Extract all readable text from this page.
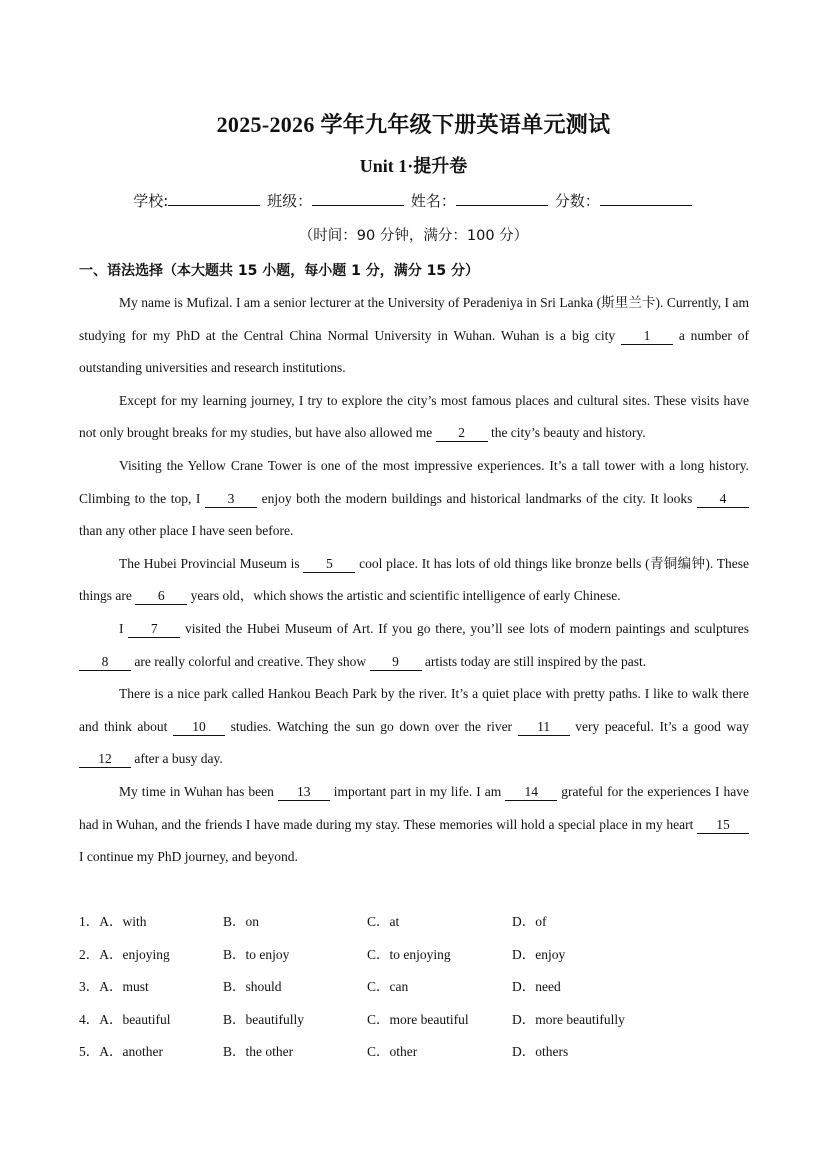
2025-2026 学年九年级下册英语单元测试
Unit 1·提升卷
学校:	班级：	姓名：	分数：
（时间：90 分钟，满分：100 分）
一、语法选择（本大题共 15 小题，每小题 1 分，满分 15 分）

My name is Mufizal. I am a senior lecturer at the University of Peradeniya in Sri Lanka (斯里兰卡). Currently, I am studying for my PhD at the Central China Normal University in Wuhan. Wuhan is a big city 1 a number of outstanding universities and research institutions.

Except for my learning journey, I try to explore the city’s most famous places and cultural sites. These visits have not only brought breaks for my studies, but have also allowed me 2 the city’s beauty and history.

Visiting the Yellow Crane Tower is one of the most impressive experiences. It’s a tall tower with a long history. Climbing to the top, I 3 enjoy both the modern buildings and historical landmarks of the city. It looks 4 than any other place I have seen before.

The Hubei Provincial Museum is 5 cool place. It has lots of old things like bronze bells (青铜编钟). These things are 6 years old，which shows the artistic and scientific intelligence of early Chinese.

I 7 visited the Hubei Museum of Art. If you go there, you’ll see lots of modern paintings and sculptures 8 are really colorful and creative. They show 9 artists today are still inspired by the past.

There is a nice park called Hankou Beach Park by the river. It’s a quiet place with pretty paths. I like to walk there and think about 10 studies. Watching the sun go down over the river 11 very peaceful. It’s a good way 12 after a busy day.

My time in Wuhan has been 13 important part in my life. I am 14 grateful for the experiences I have had in Wuhan, and the friends I have made during my stay. These memories will hold a special place in my heart 15 I continue my PhD journey, and beyond.

1．A．with	B．on	C．at	D．of
2．A．enjoying	B．to enjoy	C．to enjoying	D．enjoy
3．A．must	B．should	C．can	D．need
4．A．beautiful	B．beautifully	C．more beautiful	D．more beautifully
5．A．another	B．the other	C．other	D．others
